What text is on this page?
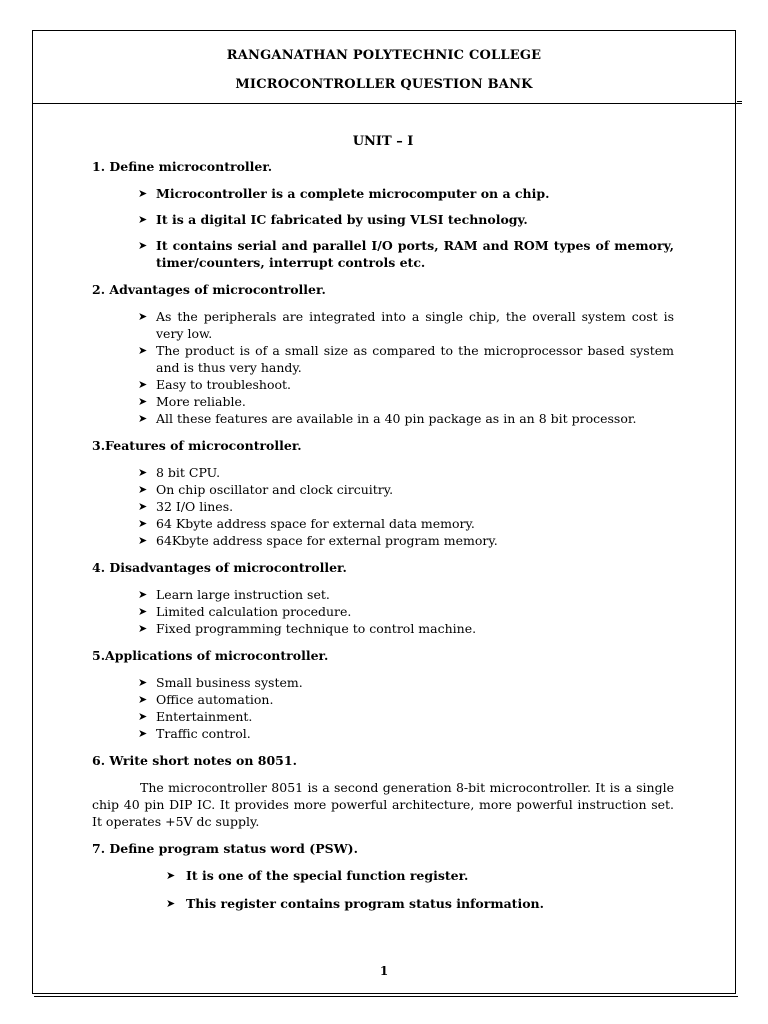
RANGANATHAN POLYTECHNIC COLLEGE
MICROCONTROLLER QUESTION BANK
UNIT – I
1. Define microcontroller.
➤ Microcontroller is a complete microcomputer on a chip.
➤ It is a digital IC fabricated by using VLSI technology.
➤ It contains serial and parallel I/O ports, RAM and ROM types of memory, timer/counters, interrupt controls etc.
2. Advantages of microcontroller.
➤ As the peripherals are integrated into a single chip, the overall system cost is very low.
➤ The product is of a small size as compared to the microprocessor based system and is thus very handy.
➤ Easy to troubleshoot.
➤ More reliable.
➤ All these features are available in a 40 pin package as in an 8 bit processor.
3.Features of microcontroller.
➤ 8 bit CPU.
➤ On chip oscillator and clock circuitry.
➤ 32 I/O lines.
➤ 64 Kbyte address space for external data memory.
➤ 64Kbyte address space for external program memory.
4. Disadvantages of microcontroller.
➤ Learn large instruction set.
➤ Limited calculation procedure.
➤ Fixed programming technique to control machine.
5.Applications of microcontroller.
➤ Small business system.
➤ Office automation.
➤ Entertainment.
➤ Traffic control.
6. Write short notes on 8051.

The microcontroller 8051 is a second generation 8-bit microcontroller. It is a single chip 40 pin DIP IC. It provides more powerful architecture, more powerful instruction set. It operates +5V dc supply.

7. Define program status word (PSW).
➤ It is one of the special function register.
➤ This register contains program status information.
1
